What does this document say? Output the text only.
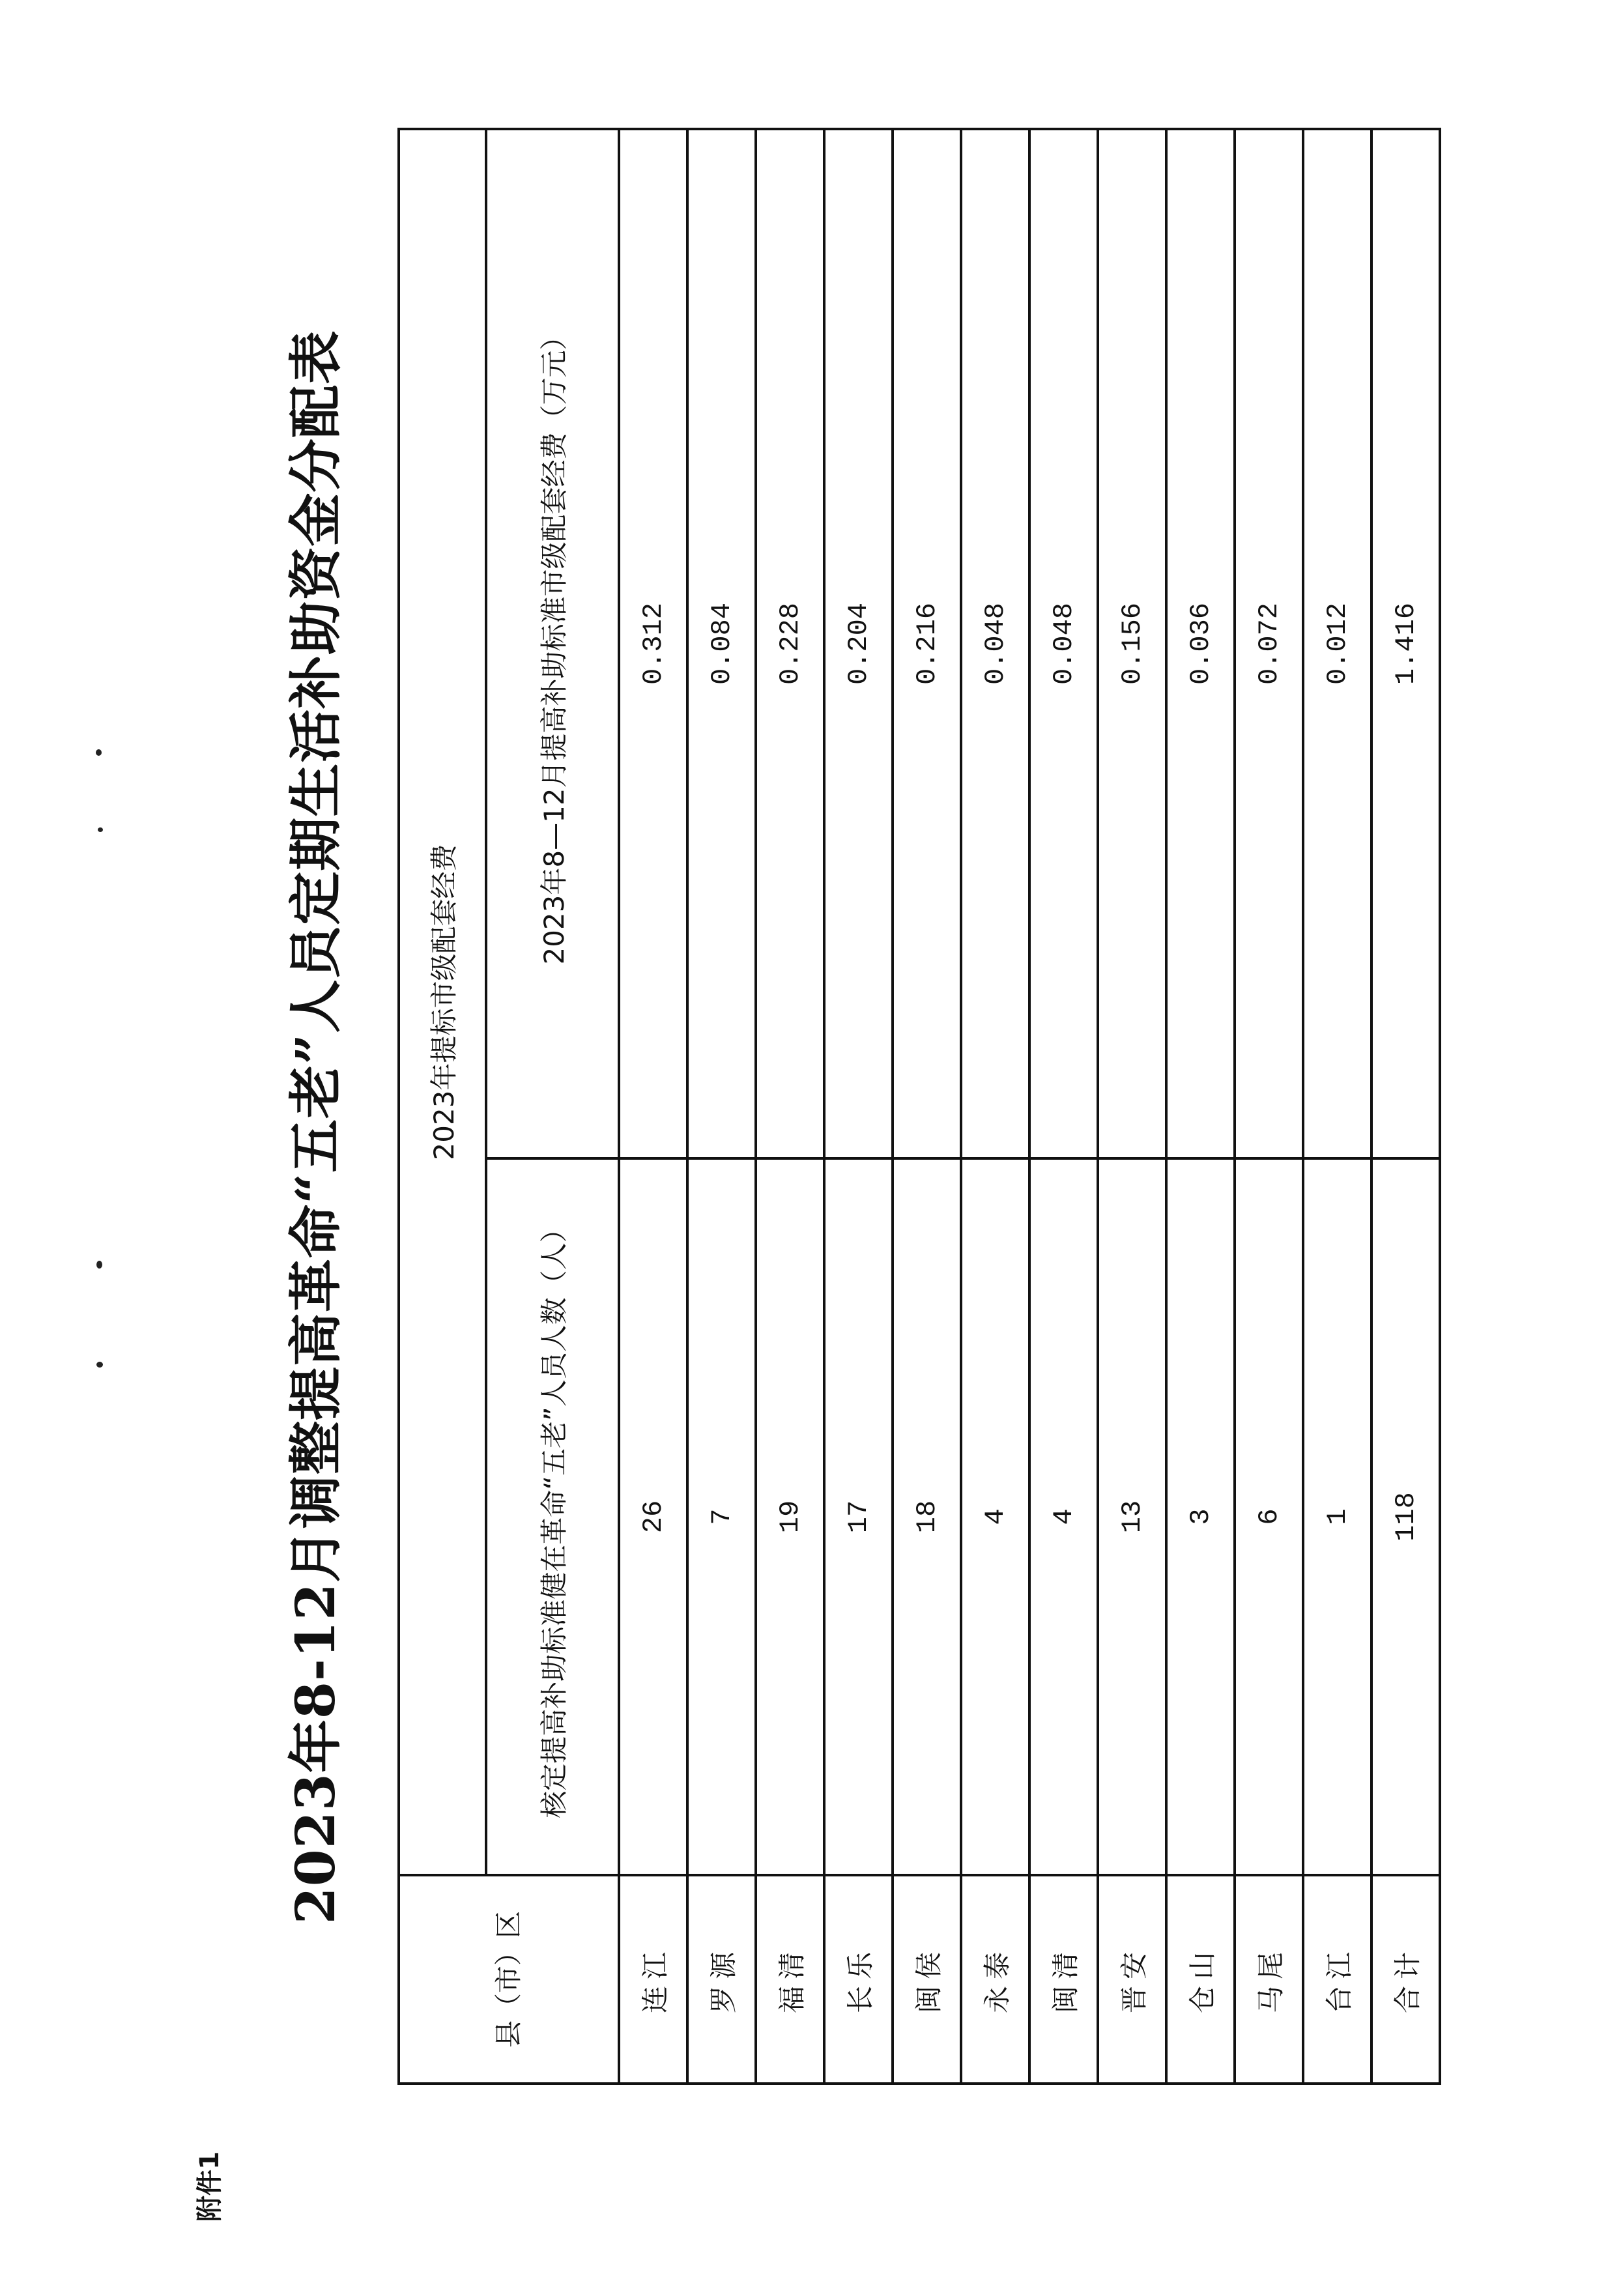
附件1
2023年8-12月调整提高革命“五老”人员定期生活补助资金分配表
县（市）区	2023年提标市级配套经费	
	核定提高补助标准健在革命“五老”人员人数（人）	2023年8—12月提高补助标准市级配套经费（万元）
连江	26	0.312
罗源	7	0.084
福清	19	0.228
长乐	17	0.204
闽侯	18	0.216
永泰	4	0.048
闽清	4	0.048
晋安	13	0.156
仓山	3	0.036
马尾	6	0.072
台江	1	0.012
合计	118	1.416
